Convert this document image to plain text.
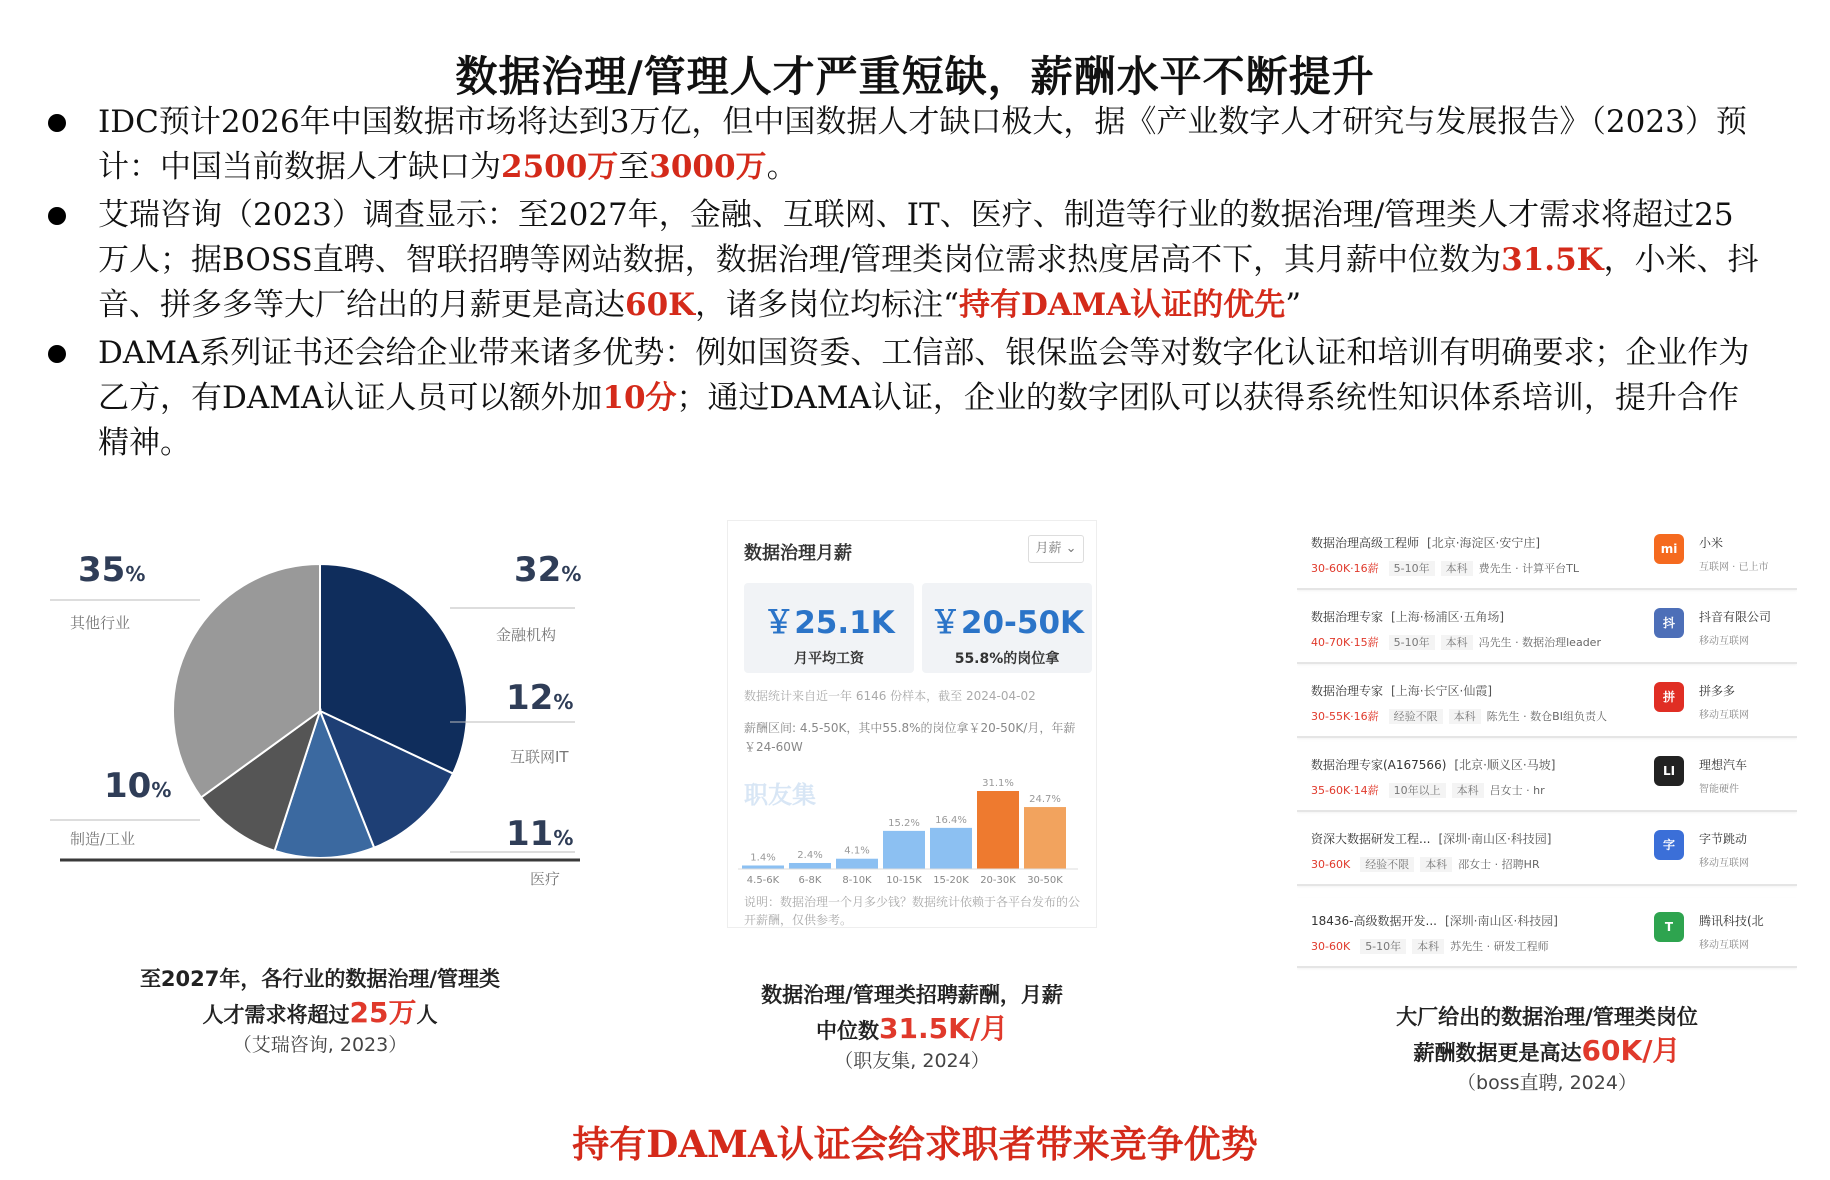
数据治理/管理人才严重短缺，薪酬水平不断提升
IDC预计2026年中国数据市场将达到3万亿，但中国数据人才缺口极大，据《产业数字人才研究与发展报告》（2023）预计：中国当前数据人才缺口为2500万至3000万。
艾瑞咨询（2023）调查显示：至2027年，金融、互联网、IT、医疗、制造等行业的数据治理/管理类人才需求将超过25万人；据BOSS直聘、智联招聘等网站数据，数据治理/管理类岗位需求热度居高不下，其月薪中位数为31.5K，小米、抖音、拼多多等大厂给出的月薪更是高达60K，诸多岗位均标注“持有DAMA认证的优先”
DAMA系列证书还会给企业带来诸多优势：例如国资委、工信部、银保监会等对数字化认证和培训有明确要求；企业作为乙方，有DAMA认证人员可以额外加10分；通过DAMA认证，企业的数字团队可以获得系统性知识体系培训，提升合作精神。
35%
其他行业
32%
金融机构
12%
互联网IT
11%
医疗
10%
制造/工业
至2027年，各行业的数据治理/管理类
人才需求将超过25万人
（艾瑞咨询, 2023）
数据治理月薪	月薪 ⌄
￥25.1K
月平均工资
￥20-50K
55.8%的岗位拿
数据统计来自近一年 6146 份样本，截至 2024-04-02
薪酬区间: 4.5-50K，其中55.8%的岗位拿￥20-50K/月，年薪￥24-60W
职友集
1.4%
4.5-6K
2.4%
6-8K
4.1%
8-10K
15.2%
10-15K
16.4%
15-20K
31.1%
20-30K
24.7%
30-50K
说明：数据治理一个月多少钱？数据统计依赖于各平台发布的公开薪酬，仅供参考。
数据治理/管理类招聘薪酬，月薪
中位数31.5K/月
（职友集, 2024）
数据治理高级工程师 [北京·海淀区·安宁庄]
30-60K·16薪 5-10年 本科 费先生 · 计算平台TL
mi	小米
互联网 · 已上市
数据治理专家 [上海·杨浦区·五角场]
40-70K·15薪 5-10年 本科 冯先生 · 数据治理leader
抖	抖音有限公司
移动互联网
数据治理专家 [上海·长宁区·仙霞]
30-55K·16薪 经验不限 本科 陈先生 · 数仓BI组负责人
拼	拼多多
移动互联网
数据治理专家(A167566) [北京·顺义区·马坡]
35-60K·14薪 10年以上 本科 吕女士 · hr
LI	理想汽车
智能硬件
资深大数据研发工程... [深圳·南山区·科技园]
30-60K 经验不限 本科 邵女士 · 招聘HR
字	字节跳动
移动互联网
18436-高级数据开发... [深圳·南山区·科技园]
30-60K 5-10年 本科 苏先生 · 研发工程师
T	腾讯科技(北
移动互联网
大厂给出的数据治理/管理类岗位
薪酬数据更是高达60K/月
（boss直聘, 2024）
持有DAMA认证会给求职者带来竞争优势
